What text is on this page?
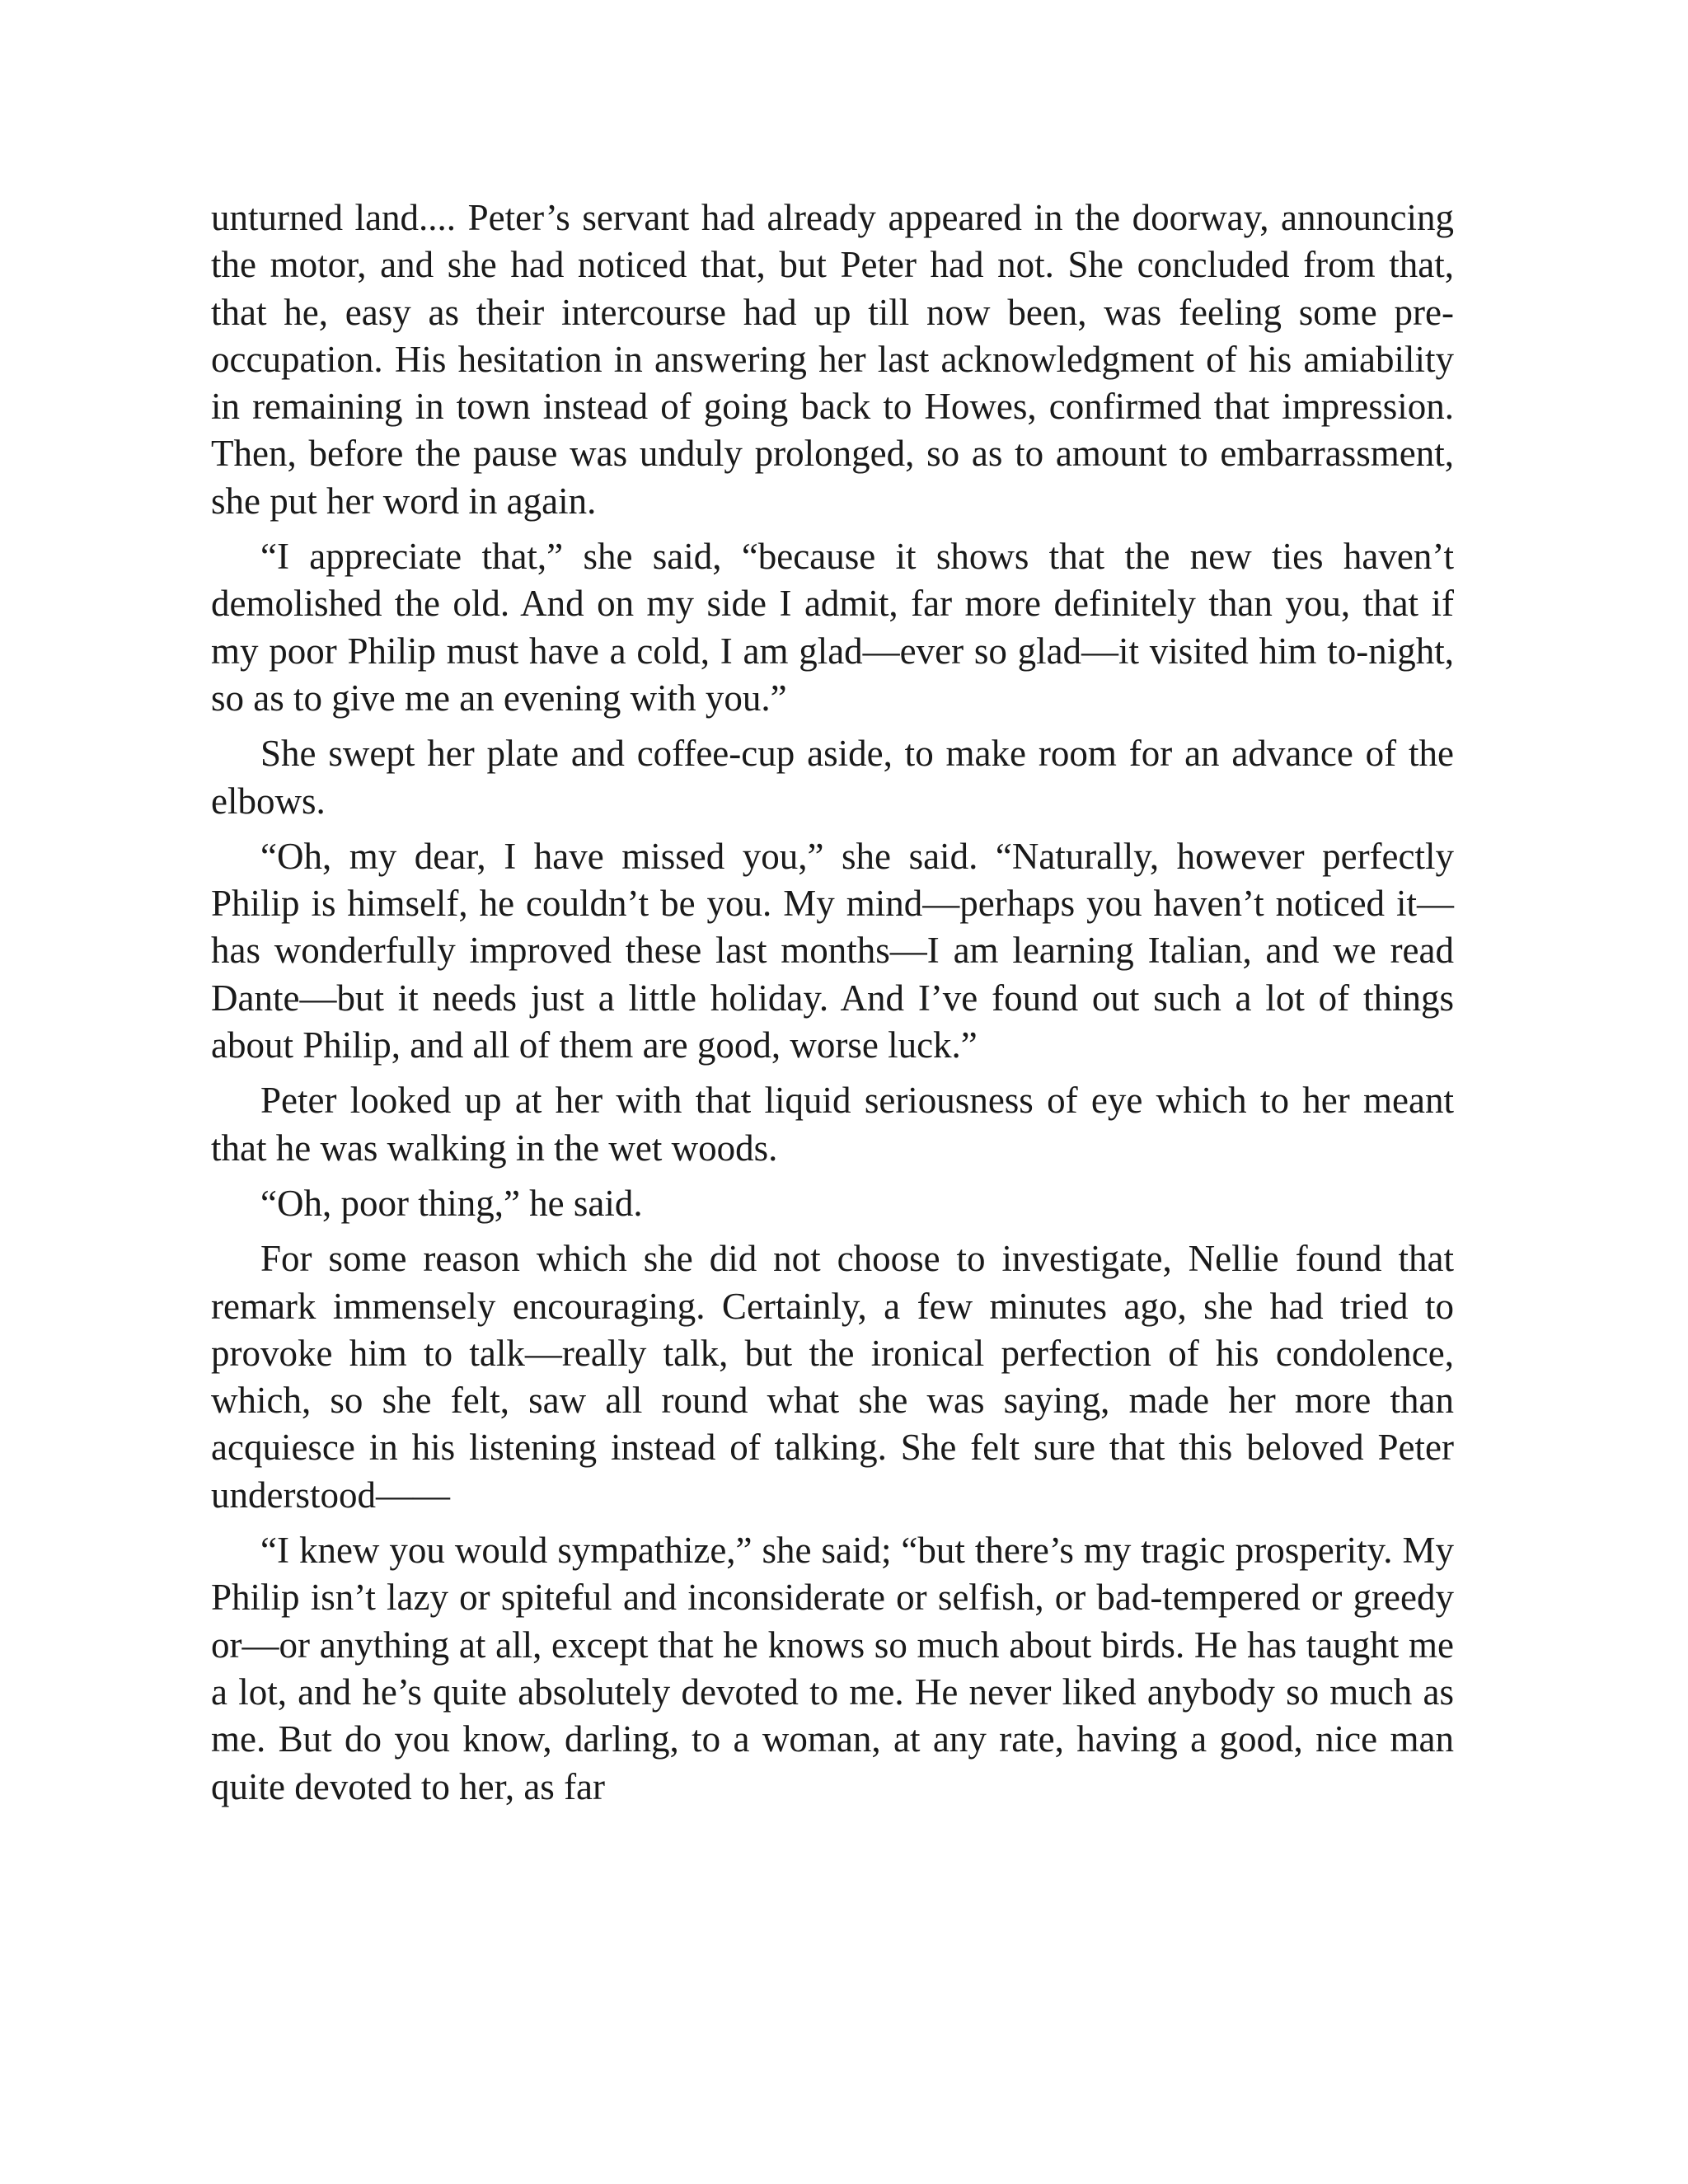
unturned land.... Peter’s servant had already appeared in the doorway, announcing the motor, and she had noticed that, but Peter had not. She concluded from that, that he, easy as their intercourse had up till now been, was feeling some pre-occupation. His hesitation in answering her last acknowledgment of his amiability in remaining in town instead of going back to Howes, confirmed that impression. Then, before the pause was unduly prolonged, so as to amount to embarrassment, she put her word in again.

“I appreciate that,” she said, “because it shows that the new ties haven’t demolished the old. And on my side I admit, far more definitely than you, that if my poor Philip must have a cold, I am glad—ever so glad—it visited him to-night, so as to give me an evening with you.”

She swept her plate and coffee-cup aside, to make room for an advance of the elbows.

“Oh, my dear, I have missed you,” she said. “Naturally, however perfectly Philip is himself, he couldn’t be you. My mind—perhaps you haven’t noticed it—has wonderfully improved these last months—I am learning Italian, and we read Dante—but it needs just a little holiday. And I’ve found out such a lot of things about Philip, and all of them are good, worse luck.”

Peter looked up at her with that liquid seriousness of eye which to her meant that he was walking in the wet woods.

“Oh, poor thing,” he said.

For some reason which she did not choose to investigate, Nellie found that remark immensely encouraging. Certainly, a few minutes ago, she had tried to provoke him to talk—really talk, but the ironical perfection of his condolence, which, so she felt, saw all round what she was saying, made her more than acquiesce in his listening instead of talking. She felt sure that this beloved Peter understood——

“I knew you would sympathize,” she said; “but there’s my tragic prosperity. My Philip isn’t lazy or spiteful and inconsiderate or selfish, or bad-tempered or greedy or—or anything at all, except that he knows so much about birds. He has taught me a lot, and he’s quite absolutely devoted to me. He never liked anybody so much as me. But do you know, darling, to a woman, at any rate, having a good, nice man quite devoted to her, as far
